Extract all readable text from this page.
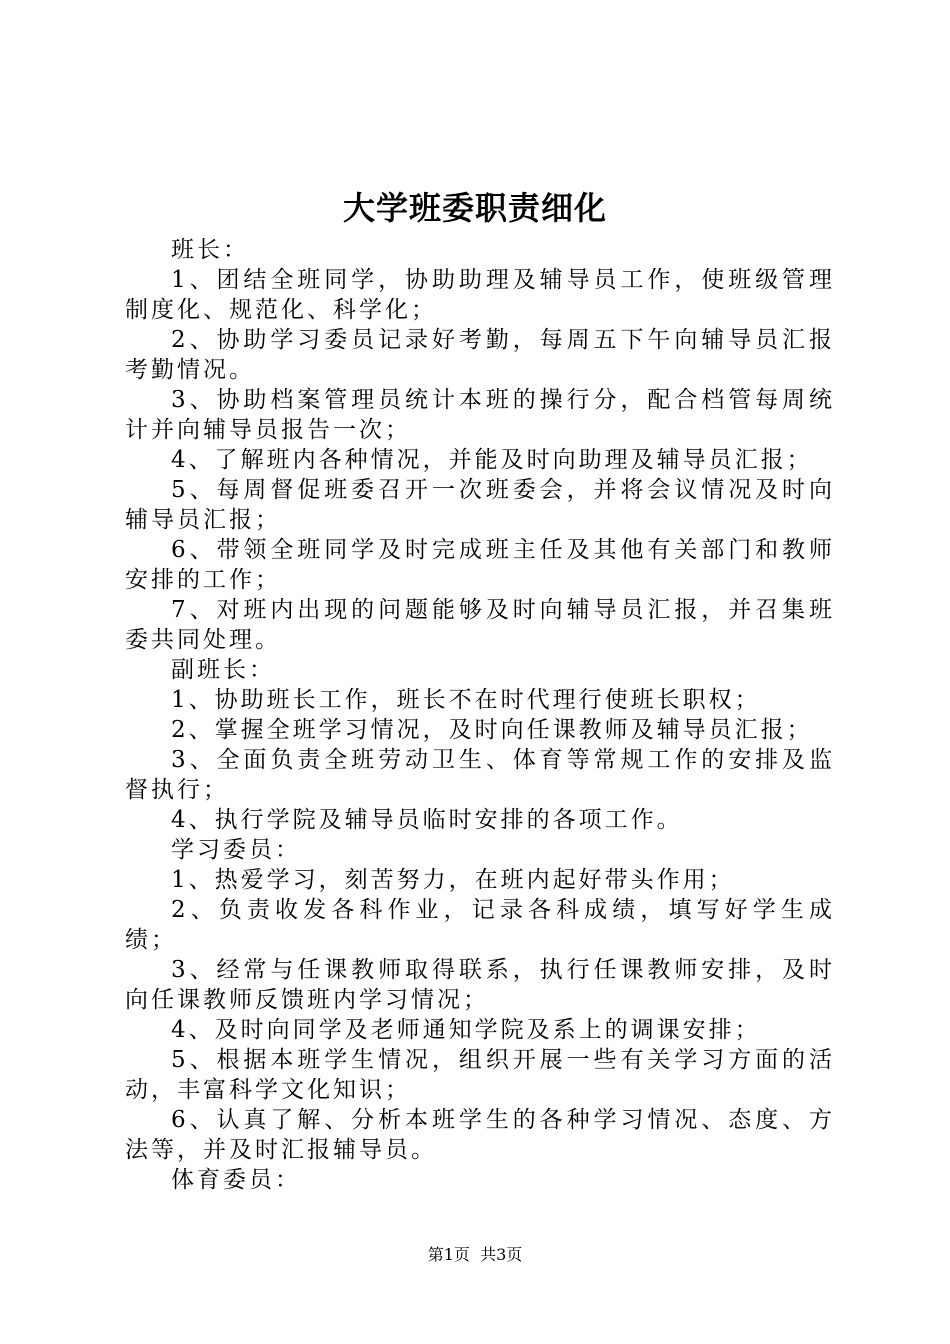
大学班委职责细化

班长：

1、团结全班同学，协助助理及辅导员工作，使班级管理制度化、规范化、科学化；

2、协助学习委员记录好考勤，每周五下午向辅导员汇报考勤情况。

3、协助档案管理员统计本班的操行分，配合档管每周统计并向辅导员报告一次；

4、了解班内各种情况，并能及时向助理及辅导员汇报；

5、每周督促班委召开一次班委会，并将会议情况及时向辅导员汇报；

6、带领全班同学及时完成班主任及其他有关部门和教师安排的工作；

7、对班内出现的问题能够及时向辅导员汇报，并召集班委共同处理。

副班长：

1、协助班长工作，班长不在时代理行使班长职权；

2、掌握全班学习情况，及时向任课教师及辅导员汇报；

3、全面负责全班劳动卫生、体育等常规工作的安排及监督执行；

4、执行学院及辅导员临时安排的各项工作。

学习委员：

1、热爱学习，刻苦努力，在班内起好带头作用；

2、负责收发各科作业，记录各科成绩，填写好学生成绩；

3、经常与任课教师取得联系，执行任课教师安排，及时向任课教师反馈班内学习情况；

4、及时向同学及老师通知学院及系上的调课安排；

5、根据本班学生情况，组织开展一些有关学习方面的活动，丰富科学文化知识；

6、认真了解、分析本班学生的各种学习情况、态度、方法等，并及时汇报辅导员。

体育委员：

第1页 共3页
